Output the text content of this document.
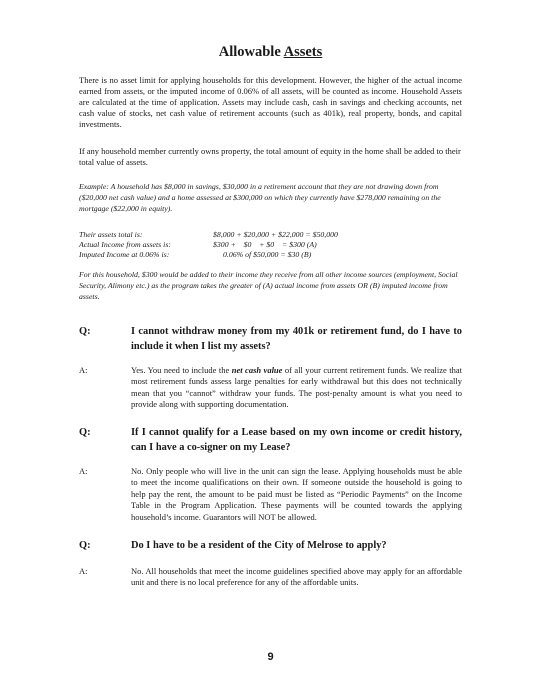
Allowable Assets
There is no asset limit for applying households for this development. However, the higher of the actual income earned from assets, or the imputed income of 0.06% of all assets, will be counted as income. Household Assets are calculated at the time of application. Assets may include cash, cash in savings and checking accounts, net cash value of stocks, net cash value of retirement accounts (such as 401k), real property, bonds, and capital investments.
If any household member currently owns property, the total amount of equity in the home shall be added to their total value of assets.
Example: A household has $8,000 in savings, $30,000 in a retirement account that they are not drawing down from ($20,000 net cash value) and a home assessed at $300,000 on which they currently have $278,000 remaining on the mortgage ($22,000 in equity).
Their assets total is:	$8,000 + $20,000 + $22,000 = $50,000
Actual Income from assets is:	$300 +    $0    + $0    = $300 (A)
Imputed Income at 0.06% is:	0.06% of $50,000 = $30 (B)
For this household, $300 would be added to their income they receive from all other income sources (employment, Social Security, Alimony etc.) as the program takes the greater of (A) actual income from assets OR (B) imputed income from assets.
Q:	I cannot withdraw money from my 401k or retirement fund, do I have to include it when I list my assets?
A:	Yes. You need to include the net cash value of all your current retirement funds. We realize that most retirement funds assess large penalties for early withdrawal but this does not technically mean that you “cannot” withdraw your funds. The post-penalty amount is what you need to provide along with supporting documentation.
Q:	If I cannot qualify for a Lease based on my own income or credit history, can I have a co-signer on my Lease?
A:	No. Only people who will live in the unit can sign the lease. Applying households must be able to meet the income qualifications on their own. If someone outside the household is going to help pay the rent, the amount to be paid must be listed as “Periodic Payments” on the Income Table in the Program Application. These payments will be counted towards the applying household’s income. Guarantors will NOT be allowed.
Q:	Do I have to be a resident of the City of Melrose to apply?
A:	No. All households that meet the income guidelines specified above may apply for an affordable unit and there is no local preference for any of the affordable units.
9
